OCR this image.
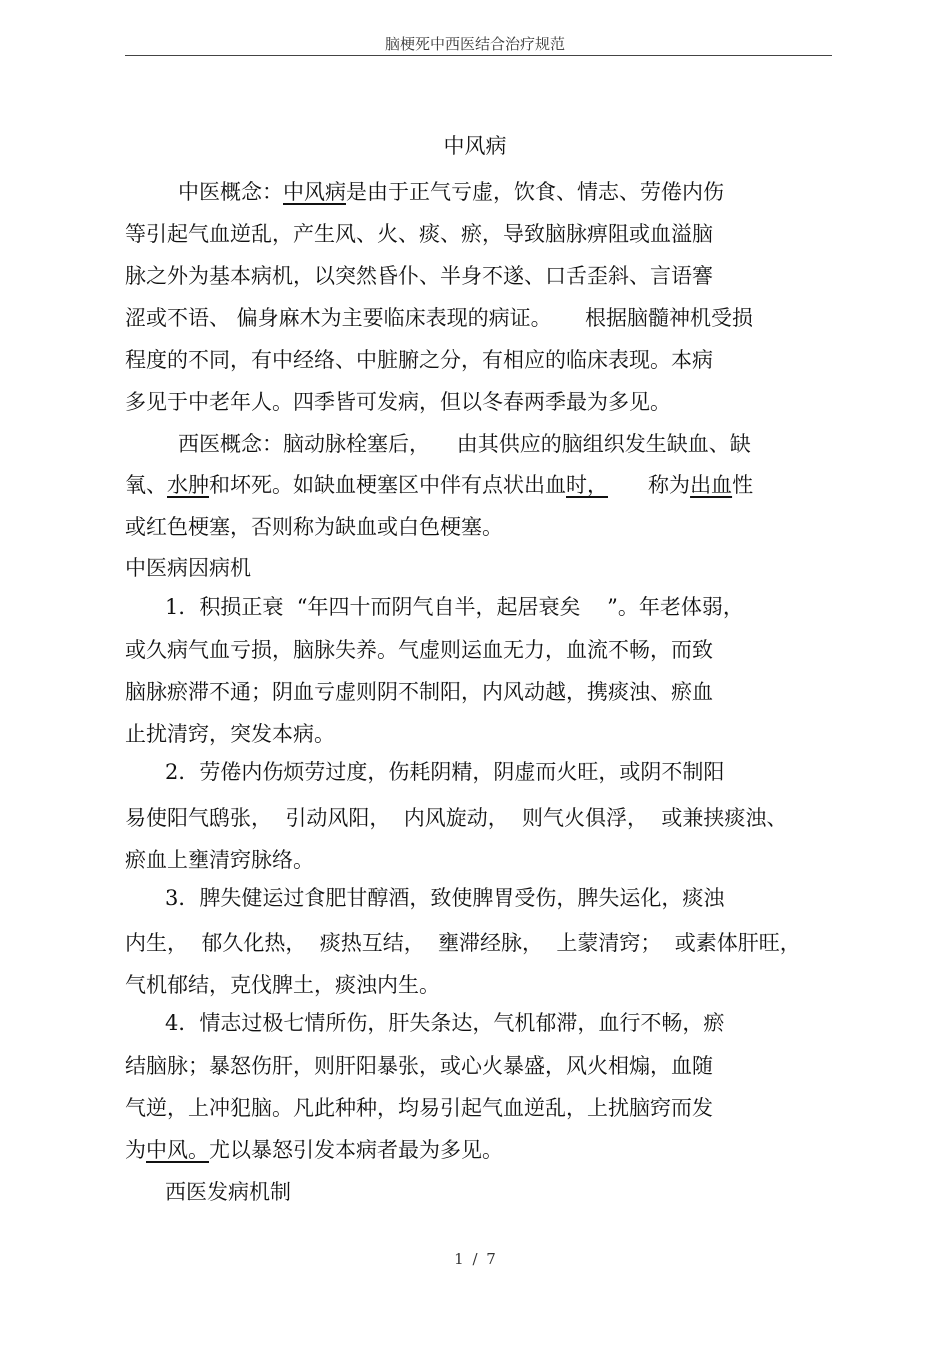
脑梗死中西医结合治疗规范
中风病
中医概念：中风病是由于正气亏虚，饮食、情志、劳倦内伤
等引起气血逆乱，产生风、火、痰、瘀，导致脑脉痹阻或血溢脑
脉之外为基本病机，以突然昏仆、半身不遂、口舌歪斜、言语謇
涩或不语、 偏身麻木为主要临床表现的病证。     根据脑髓神机受损
程度的不同，有中经络、中脏腑之分，有相应的临床表现。本病
多见于中老年人。四季皆可发病，但以冬春两季最为多见。
西医概念：脑动脉栓塞后，    由其供应的脑组织发生缺血、缺
氧、水肿和坏死。如缺血梗塞区中伴有点状出血时，      称为出血性
或红色梗塞，否则称为缺血或白色梗塞。
中医病因病机
1．积损正衰  “年四十而阴气自半，起居衰矣    ”。年老体弱，
或久病气血亏损，脑脉失养。气虚则运血无力，血流不畅，而致
脑脉瘀滞不通；阴血亏虚则阴不制阳，内风动越，携痰浊、瘀血
止扰清窍，突发本病。
2．劳倦内伤烦劳过度，伤耗阴精，阴虚而火旺，或阴不制阳
易使阳气鸱张，  引动风阳，  内风旋动，  则气火俱浮，  或兼挟痰浊、
瘀血上壅清窍脉络。
3．脾失健运过食肥甘醇酒，致使脾胃受伤，脾失运化，痰浊
内生，  郁久化热，  痰热互结，  壅滞经脉，  上蒙清窍；  或素体肝旺，
气机郁结，克伐脾土，痰浊内生。
4．情志过极七情所伤，肝失条达，气机郁滞，血行不畅，瘀
结脑脉；暴怒伤肝，则肝阳暴张，或心火暴盛，风火相煽，血随
气逆，上冲犯脑。凡此种种，均易引起气血逆乱，上扰脑窍而发
为中风。尤以暴怒引发本病者最为多见。
西医发病机制
1 / 7
